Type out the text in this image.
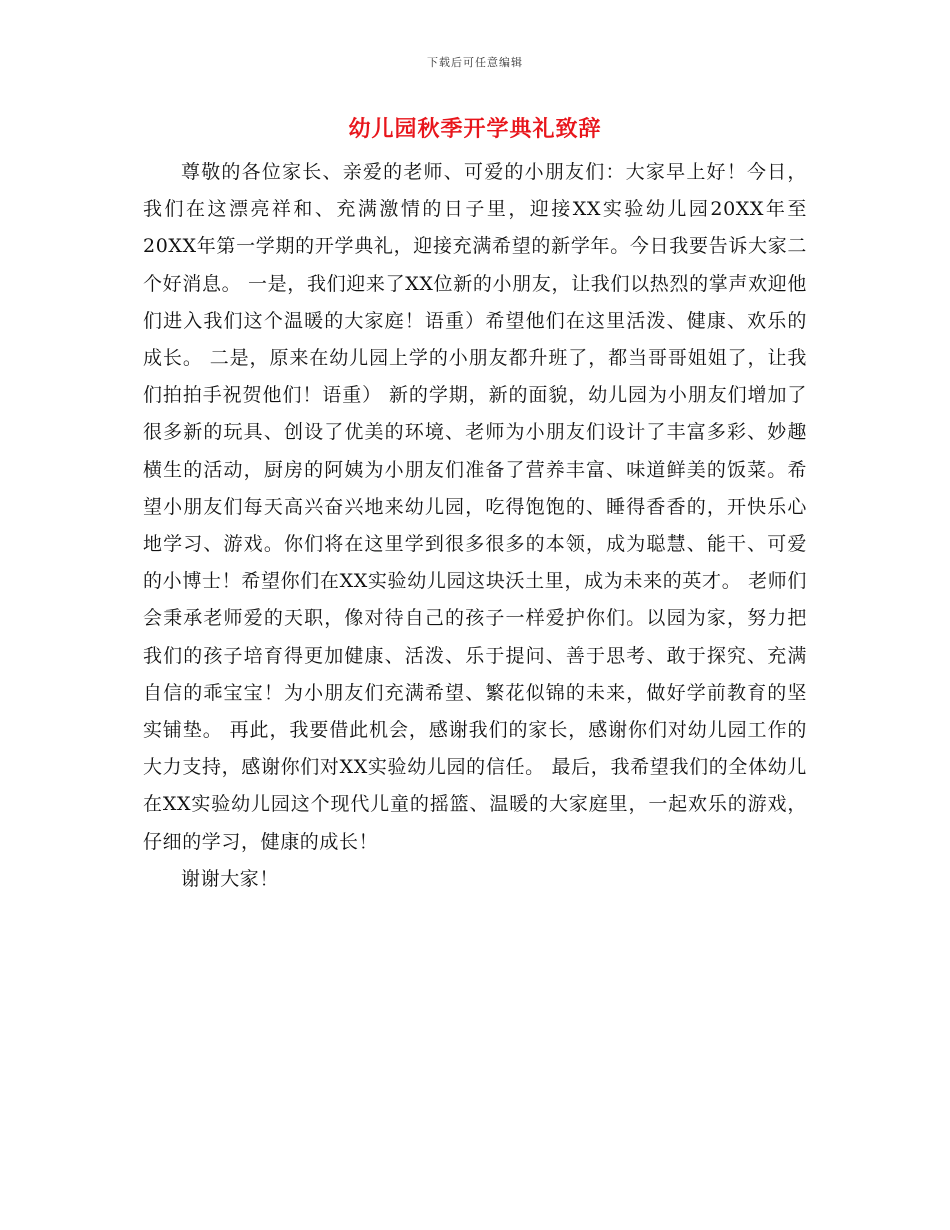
下载后可任意编辑
幼儿园秋季开学典礼致辞

尊敬的各位家长、亲爱的老师、可爱的小朋友们：大家早上好！今日，我们在这漂亮祥和、充满激情的日子里，迎接XX实验幼儿园20XX年至20XX年第一学期的开学典礼，迎接充满希望的新学年。今日我要告诉大家二个好消息。 一是，我们迎来了XX位新的小朋友，让我们以热烈的掌声欢迎他们进入我们这个温暖的大家庭！语重）希望他们在这里活泼、健康、欢乐的成长。 二是，原来在幼儿园上学的小朋友都升班了，都当哥哥姐姐了，让我们拍拍手祝贺他们！语重） 新的学期，新的面貌，幼儿园为小朋友们增加了很多新的玩具、创设了优美的环境、老师为小朋友们设计了丰富多彩、妙趣横生的活动，厨房的阿姨为小朋友们准备了营养丰富、味道鲜美的饭菜。希望小朋友们每天高兴奋兴地来幼儿园，吃得饱饱的、睡得香香的，开快乐心地学习、游戏。你们将在这里学到很多很多的本领，成为聪慧、能干、可爱的小博士！希望你们在XX实验幼儿园这块沃土里，成为未来的英才。 老师们会秉承老师爱的天职，像对待自己的孩子一样爱护你们。以园为家，努力把我们的孩子培育得更加健康、活泼、乐于提问、善于思考、敢于探究、充满自信的乖宝宝！为小朋友们充满希望、繁花似锦的未来，做好学前教育的坚实铺垫。 再此，我要借此机会，感谢我们的家长，感谢你们对幼儿园工作的大力支持，感谢你们对XX实验幼儿园的信任。 最后，我希望我们的全体幼儿在XX实验幼儿园这个现代儿童的摇篮、温暖的大家庭里，一起欢乐的游戏，仔细的学习，健康的成长！

谢谢大家！
